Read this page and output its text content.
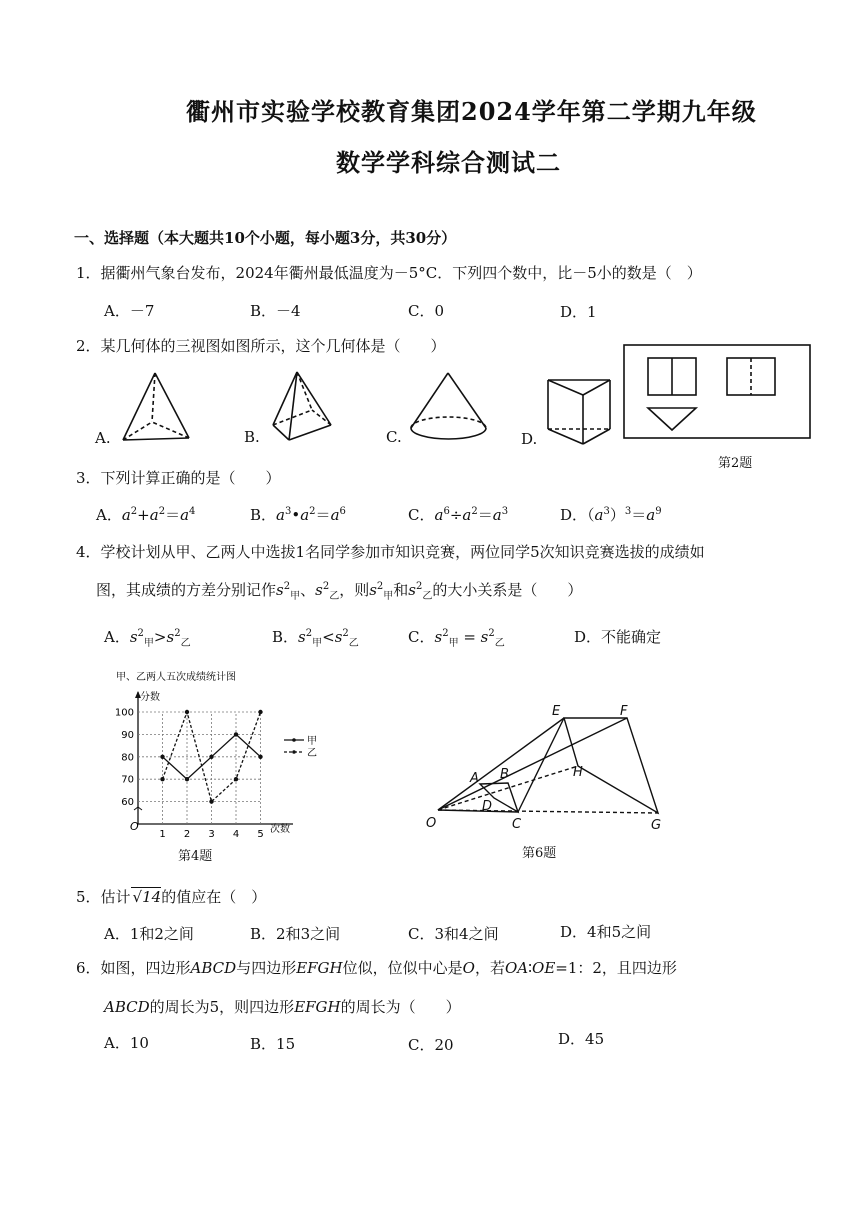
衢州市实验学校教育集团2024学年第二学期九年级
数学学科综合测试二
一、选择题（本大题共10个小题，每小题3分，共30分）
1．据衢州气象台发布，2024年衢州最低温度为－5°C．下列四个数中，比－5小的数是（　）
A．－7	B．－4	C．0	D．1
2．某几何体的三视图如图所示，这个几何体是（　　）
A.	B.	C.	D.
第2题
3．下列计算正确的是（　　）
A．$a^2+a^2=a^4$	B．$a^3•a^2=a^6$	C．$a^6\div a^2=a^3$	D．$(a^3)^3=a^9$
4．学校计划从甲、乙两人中选拔1名同学参加市知识竞赛，两位同学5次知识竞赛选拔的成绩如
图，其成绩的方差分别记作$s^2_甲$、$s^2_乙$，则$s^2_甲$和$s^2_乙$的大小关系是（　　）
A．$s^2_甲>s^2_乙$	B．$s^2_甲<s^2_乙$	C．$s^2_甲 = s^2_乙$	D．不能确定
甲、乙两人五次成绩统计图
分数
次数
O
60
70
80
90
100
1 2 3 4 5
甲
乙
第4题
E	F
A B	H
D
O	C	G
第6题
5．估计 √14的值应在（　）
A．1和2之间	B．2和3之间	C．3和4之间	D．4和5之间
6．如图，四边形ABCD与四边形EFGH位似，位似中心是O，若OA∶OE=1：2，且四边形
ABCD的周长为5，则四边形EFGH的周长为（　　）
A．10	B．15	C．20	D．45
